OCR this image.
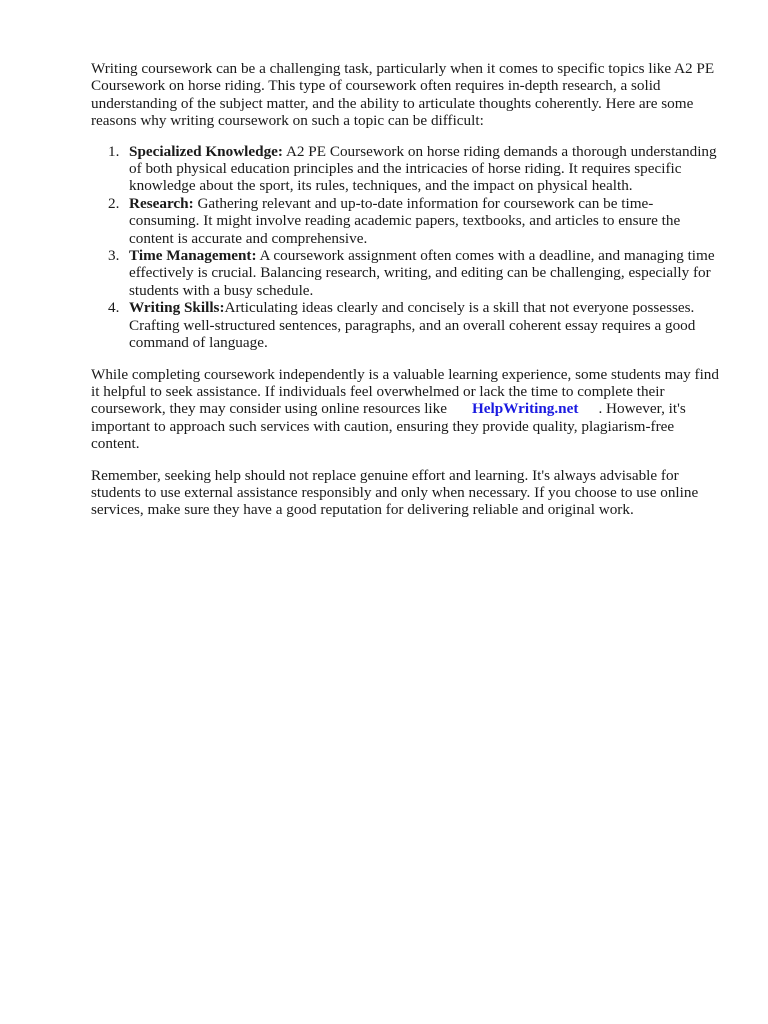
Writing coursework can be a challenging task, particularly when it comes to specific topics like A2 PE Coursework on horse riding. This type of coursework often requires in-depth research, a solid understanding of the subject matter, and the ability to articulate thoughts coherently. Here are some reasons why writing coursework on such a topic can be difficult:

1. Specialized Knowledge: A2 PE Coursework on horse riding demands a thorough understanding of both physical education principles and the intricacies of horse riding. It requires specific knowledge about the sport, its rules, techniques, and the impact on physical health.
2. Research: Gathering relevant and up-to-date information for coursework can be time-consuming. It might involve reading academic papers, textbooks, and articles to ensure the content is accurate and comprehensive.
3. Time Management: A coursework assignment often comes with a deadline, and managing time effectively is crucial. Balancing research, writing, and editing can be challenging, especially for students with a busy schedule.
4. Writing Skills:Articulating ideas clearly and concisely is a skill that not everyone possesses. Crafting well-structured sentences, paragraphs, and an overall coherent essay requires a good command of language.

While completing coursework independently is a valuable learning experience, some students may find it helpful to seek assistance. If individuals feel overwhelmed or lack the time to complete their coursework, they may consider using online resources like HelpWriting.net . However, it's important to approach such services with caution, ensuring they provide quality, plagiarism-free content.

Remember, seeking help should not replace genuine effort and learning. It's always advisable for students to use external assistance responsibly and only when necessary. If you choose to use online services, make sure they have a good reputation for delivering reliable and original work.
